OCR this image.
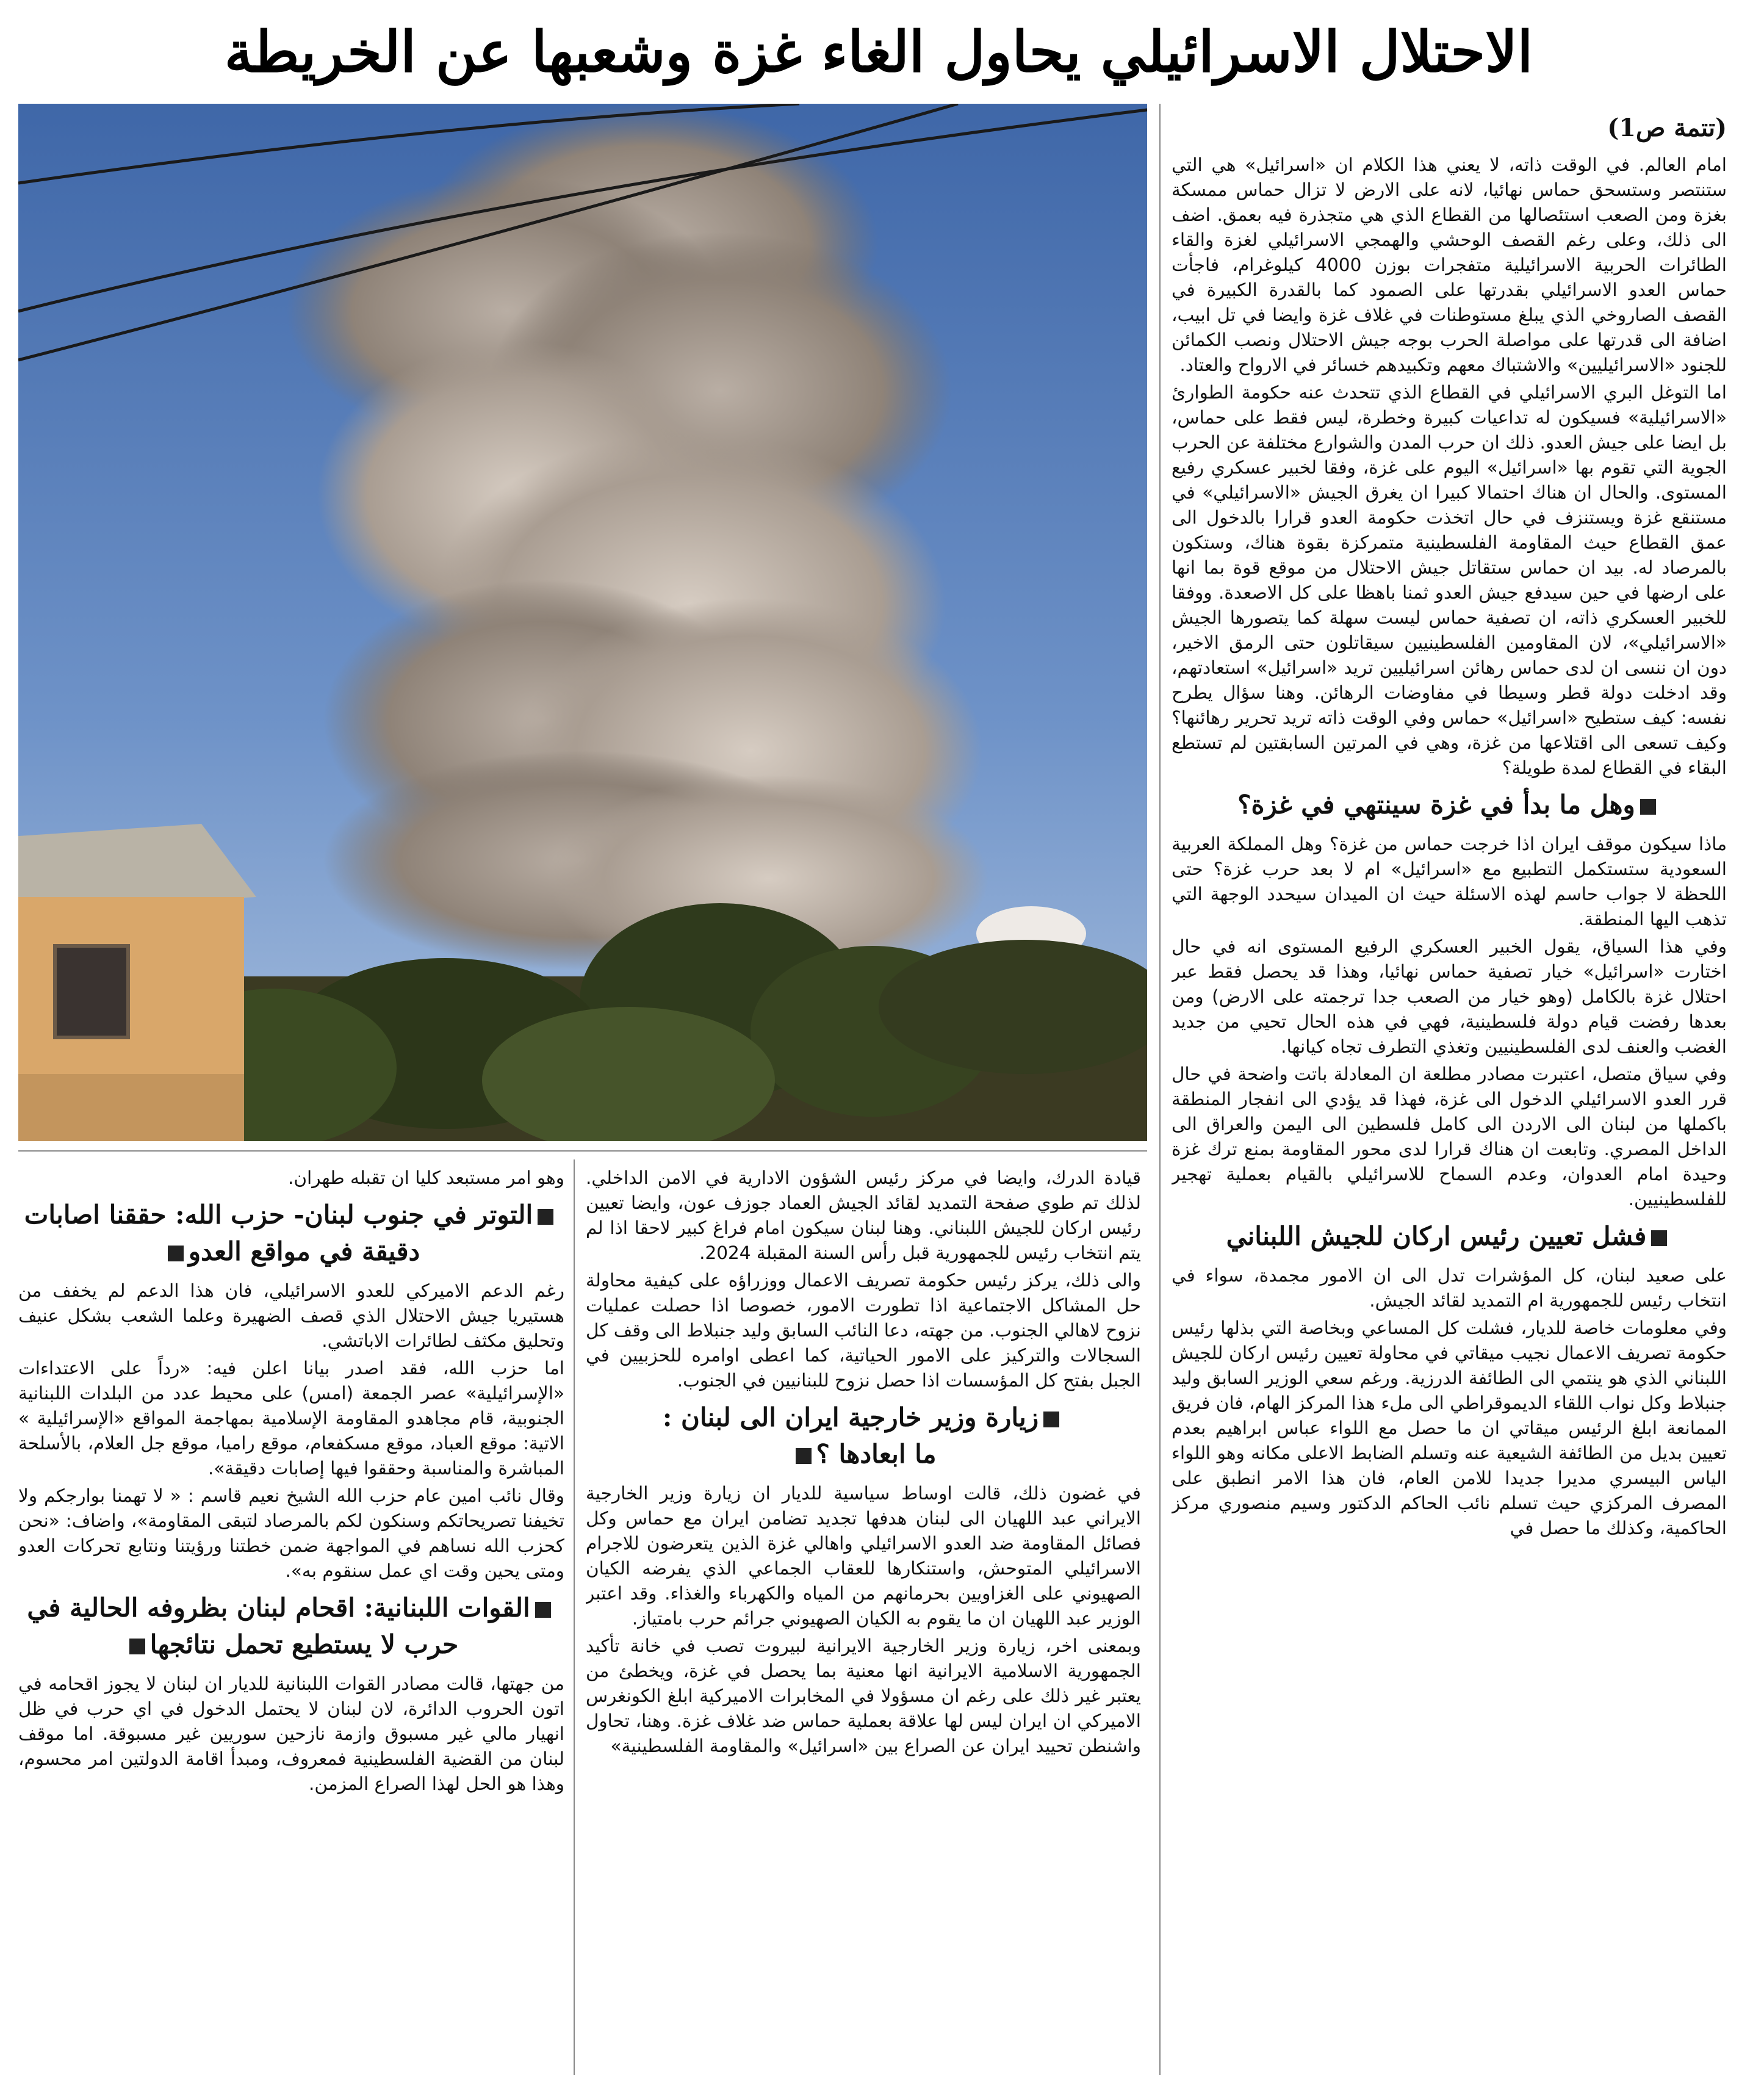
الاحتلال الاسرائيلي يحاول الغاء غزة وشعبها عن الخريطة
(تتمة ص1)

امام العالم. في الوقت ذاته، لا يعني هذا الكلام ان «اسرائيل» هي التي ستنتصر وستسحق حماس نهائيا، لانه على الارض لا تزال حماس ممسكة بغزة ومن الصعب استئصالها من القطاع الذي هي متجذرة فيه بعمق. اضف الى ذلك، وعلى رغم القصف الوحشي والهمجي الاسرائيلي لغزة والقاء الطائرات الحربية الاسرائيلية متفجرات بوزن 4000 كيلوغرام، فاجأت حماس العدو الاسرائيلي بقدرتها على الصمود كما بالقدرة الكبيرة في القصف الصاروخي الذي يبلغ مستوطنات في غلاف غزة وايضا في تل ابيب، اضافة الى قدرتها على مواصلة الحرب بوجه جيش الاحتلال ونصب الكمائن للجنود «الاسرائيليين» والاشتباك معهم وتكبيدهم خسائر في الارواح والعتاد.

اما التوغل البري الاسرائيلي في القطاع الذي تتحدث عنه حكومة الطوارئ «الاسرائيلية» فسيكون له تداعيات كبيرة وخطرة، ليس فقط على حماس، بل ايضا على جيش العدو. ذلك ان حرب المدن والشوارع مختلفة عن الحرب الجوية التي تقوم بها «اسرائيل» اليوم على غزة، وفقا لخبير عسكري رفيع المستوى. والحال ان هناك احتمالا كبيرا ان يغرق الجيش «الاسرائيلي» في مستنقع غزة ويستنزف في حال اتخذت حكومة العدو قرارا بالدخول الى عمق القطاع حيث المقاومة الفلسطينية متمركزة بقوة هناك، وستكون بالمرصاد له. بيد ان حماس ستقاتل جيش الاحتلال من موقع قوة بما انها على ارضها في حين سيدفع جيش العدو ثمنا باهظا على كل الاصعدة. ووفقا للخبير العسكري ذاته، ان تصفية حماس ليست سهلة كما يتصورها الجيش «الاسرائيلي»، لان المقاومين الفلسطينيين سيقاتلون حتى الرمق الاخير، دون ان ننسى ان لدى حماس رهائن اسرائيليين تريد «اسرائيل» استعادتهم، وقد ادخلت دولة قطر وسيطا في مفاوضات الرهائن. وهنا سؤال يطرح نفسه: كيف ستطيح «اسرائيل» حماس وفي الوقت ذاته تريد تحرير رهائنها؟ وكيف تسعى الى اقتلاعها من غزة، وهي في المرتين السابقتين لم تستطع البقاء في القطاع لمدة طويلة؟

وهل ما بدأ في غزة سينتهي في غزة؟

ماذا سيكون موقف ايران اذا خرجت حماس من غزة؟ وهل المملكة العربية السعودية ستستكمل التطبيع مع «اسرائيل» ام لا بعد حرب غزة؟ حتى اللحظة لا جواب حاسم لهذه الاسئلة حيث ان الميدان سيحدد الوجهة التي تذهب اليها المنطقة.

وفي هذا السياق، يقول الخبير العسكري الرفيع المستوى انه في حال اختارت «اسرائيل» خيار تصفية حماس نهائيا، وهذا قد يحصل فقط عبر احتلال غزة بالكامل (وهو خيار من الصعب جدا ترجمته على الارض) ومن بعدها رفضت قيام دولة فلسطينية، فهي في هذه الحال تحيي من جديد الغضب والعنف لدى الفلسطينيين وتغذي التطرف تجاه كيانها.

وفي سياق متصل، اعتبرت مصادر مطلعة ان المعادلة باتت واضحة في حال قرر العدو الاسرائيلي الدخول الى غزة، فهذا قد يؤدي الى انفجار المنطقة باكملها من لبنان الى الاردن الى كامل فلسطين الى اليمن والعراق الى الداخل المصري. وتابعت ان هناك قرارا لدى محور المقاومة بمنع ترك غزة وحيدة امام العدوان، وعدم السماح للاسرائيلي بالقيام بعملية تهجير للفلسطينيين.

فشل تعيين رئيس اركان للجيش اللبناني

على صعيد لبنان، كل المؤشرات تدل الى ان الامور مجمدة، سواء في انتخاب رئيس للجمهورية ام التمديد لقائد الجيش.

وفي معلومات خاصة للديار، فشلت كل المساعي وبخاصة التي بذلها رئيس حكومة تصريف الاعمال نجيب ميقاتي في محاولة تعيين رئيس اركان للجيش اللبناني الذي هو ينتمي الى الطائفة الدرزية. ورغم سعي الوزير السابق وليد جنبلاط وكل نواب اللقاء الديموقراطي الى ملء هذا المركز الهام، فان فريق الممانعة ابلغ الرئيس ميقاتي ان ما حصل مع اللواء عباس ابراهيم بعدم تعيين بديل من الطائفة الشيعية عنه وتسلم الضابط الاعلى مكانه وهو اللواء الياس البيسري مديرا جديدا للامن العام، فان هذا الامر انطبق على المصرف المركزي حيث تسلم نائب الحاكم الدكتور وسيم منصوري مركز الحاكمية، وكذلك ما حصل في

قيادة الدرك، وايضا في مركز رئيس الشؤون الادارية في الامن الداخلي. لذلك تم طوي صفحة التمديد لقائد الجيش العماد جوزف عون، وايضا تعيين رئيس اركان للجيش اللبناني. وهنا لبنان سيكون امام فراغ كبير لاحقا اذا لم يتم انتخاب رئيس للجمهورية قبل رأس السنة المقبلة 2024.

والى ذلك، يركز رئيس حكومة تصريف الاعمال ووزراؤه على كيفية محاولة حل المشاكل الاجتماعية اذا تطورت الامور، خصوصا اذا حصلت عمليات نزوح لاهالي الجنوب. من جهته، دعا النائب السابق وليد جنبلاط الى وقف كل السجالات والتركيز على الامور الحياتية، كما اعطى اوامره للحزبيين في الجبل بفتح كل المؤسسات اذا حصل نزوح للبنانيين في الجنوب.

زيارة وزير خارجية ايران الى لبنان :
ما ابعادها ؟

في غضون ذلك، قالت اوساط سياسية للديار ان زيارة وزير الخارجية الايراني عبد اللهيان الى لبنان هدفها تجديد تضامن ايران مع حماس وكل فصائل المقاومة ضد العدو الاسرائيلي واهالي غزة الذين يتعرضون للاجرام الاسرائيلي المتوحش، واستنكارها للعقاب الجماعي الذي يفرضه الكيان الصهيوني على الغزاويين بحرمانهم من المياه والكهرباء والغذاء. وقد اعتبر الوزير عبد اللهيان ان ما يقوم به الكيان الصهيوني جرائم حرب بامتياز.

وبمعنى اخر، زيارة وزير الخارجية الايرانية لبيروت تصب في خانة تأكيد الجمهورية الاسلامية الايرانية انها معنية بما يحصل في غزة، ويخطئ من يعتبر غير ذلك على رغم ان مسؤولا في المخابرات الاميركية ابلغ الكونغرس الاميركي ان ايران ليس لها علاقة بعملية حماس ضد غلاف غزة. وهنا، تحاول واشنطن تحييد ايران عن الصراع بين «اسرائيل» والمقاومة الفلسطينية»

وهو امر مستبعد كليا ان تقبله طهران.

التوتر في جنوب لبنان- حزب الله: حققنا اصابات دقيقة في مواقع العدو

رغم الدعم الاميركي للعدو الاسرائيلي، فان هذا الدعم لم يخفف من هستيريا جيش الاحتلال الذي قصف الضهيرة وعلما الشعب بشكل عنيف وتحليق مكثف لطائرات الاباتشي.

اما حزب الله، فقد اصدر بيانا اعلن فيه: «رداً على الاعتداءات «الإسرائيلية» عصر الجمعة (امس) على محيط عدد من البلدات اللبنانية الجنوبية، قام مجاهدو المقاومة الإسلامية بمهاجمة المواقع «الإسرائيلية » الاتية: موقع العباد، موقع مسكفعام، موقع راميا، موقع جل العلام، بالأسلحة المباشرة والمناسبة وحققوا فيها إصابات دقيقة».

وقال نائب امين عام حزب الله الشيخ نعيم قاسم : « لا تهمنا بوارجكم ولا تخيفنا تصريحاتكم وسنكون لكم بالمرصاد لتبقى المقاومة»، واضاف: «نحن كحزب الله نساهم في المواجهة ضمن خطتنا ورؤيتنا ونتابع تحركات العدو ومتى يحين وقت اي عمل سنقوم به».

القوات اللبنانية: اقحام لبنان بظروفه الحالية في حرب لا يستطيع تحمل نتائجها

من جهتها، قالت مصادر القوات اللبنانية للديار ان لبنان لا يجوز اقحامه في اتون الحروب الدائرة، لان لبنان لا يحتمل الدخول في اي حرب في ظل انهيار مالي غير مسبوق وازمة نازحين سوريين غير مسبوقة. اما موقف لبنان من القضية الفلسطينية فمعروف، ومبدأ اقامة الدولتين امر محسوم، وهذا هو الحل لهذا الصراع المزمن.
